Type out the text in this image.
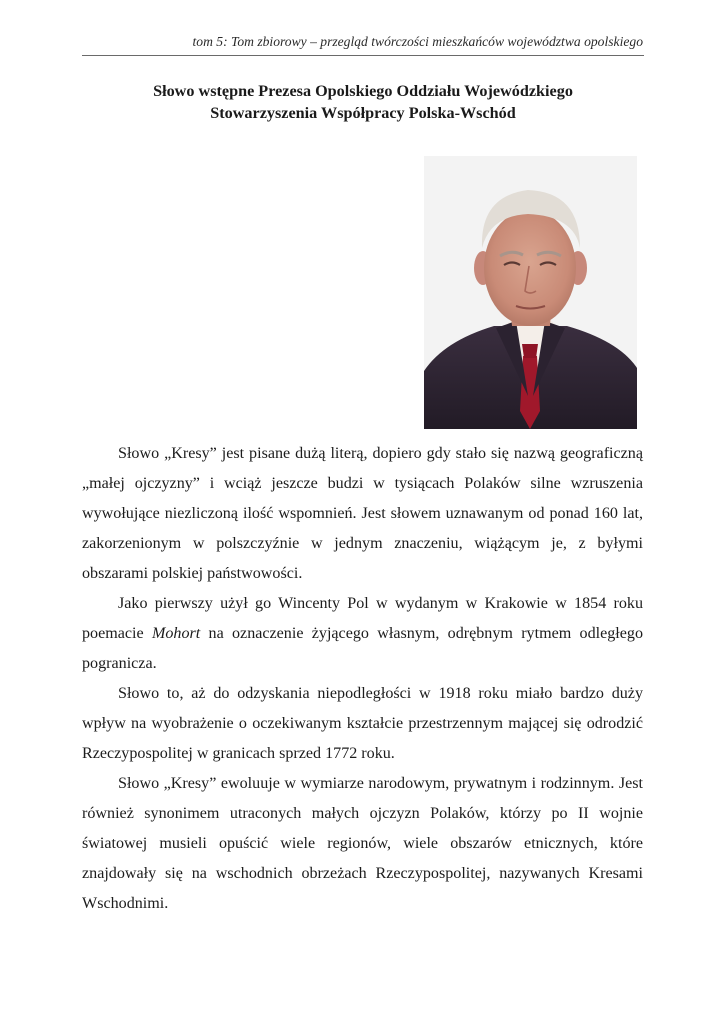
tom 5: Tom zbiorowy – przegląd twórczości mieszkańców województwa opolskiego
Słowo wstępne Prezesa Opolskiego Oddziału Wojewódzkiego
Stowarzyszenia Współpracy Polska-Wschód

Słowo „Kresy” jest pisane dużą literą, dopiero gdy stało się nazwą geograficzną „małej ojczyzny” i wciąż jeszcze budzi w tysiącach Polaków silne wzruszenia wywołujące niezliczoną ilość wspomnień. Jest słowem uznawanym od ponad 160 lat, zakorzenionym w polszczyźnie w jednym znaczeniu, wiążącym je, z byłymi obszarami polskiej państwowości.

Jako pierwszy użył go Wincenty Pol w wydanym w Krakowie w 1854 roku poemacie Mohort na oznaczenie żyjącego własnym, odrębnym rytmem odległego pogranicza.

Słowo to, aż do odzyskania niepodległości w 1918 roku miało bardzo duży wpływ na wyobrażenie o oczekiwanym kształcie przestrzennym mającej się odrodzić Rzeczypospolitej w granicach sprzed 1772 roku.

Słowo „Kresy” ewoluuje w wymiarze narodowym, prywatnym i rodzinnym. Jest również synonimem utraconych małych ojczyzn Polaków, którzy po II wojnie światowej musieli opuścić wiele regionów, wiele obszarów etnicznych, które znajdowały się na wschodnich obrzeżach Rzeczypospolitej, nazywanych Kresami Wschodnimi.
